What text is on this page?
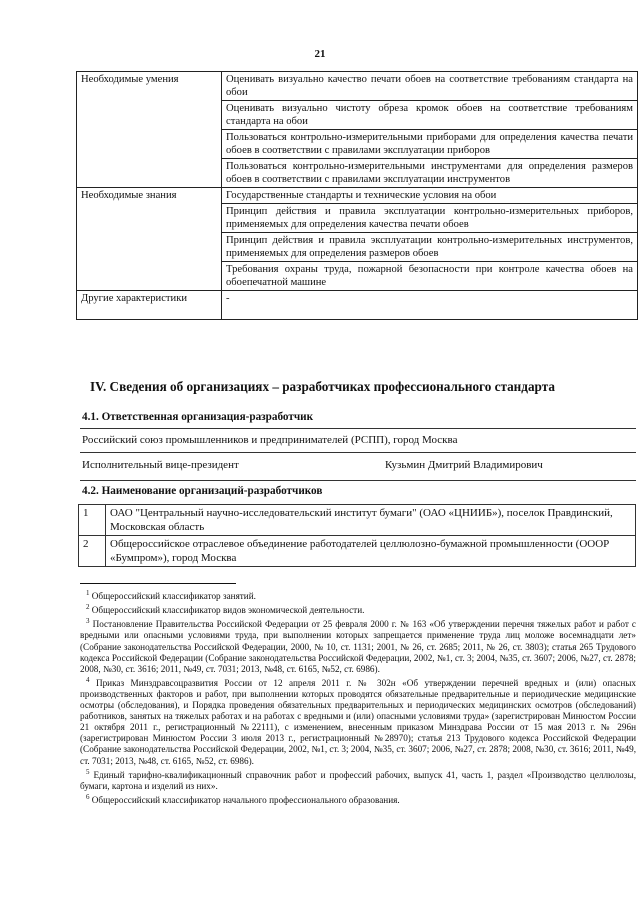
21
Необходимые умения	Оценивать визуально качество печати обоев на соответствие требованиям стандарта на обои
	Оценивать визуально чистоту обреза кромок обоев на соответствие требованиям стандарта на обои
	Пользоваться контрольно-измерительными приборами для определения качества печати обоев в соответствии с правилами эксплуатации приборов
	Пользоваться контрольно-измерительными инструментами для определения размеров обоев в соответствии с правилами эксплуатации инструментов
Необходимые знания	Государственные стандарты и технические условия на обои
	Принцип действия и правила эксплуатации контрольно-измерительных приборов, применяемых для определения качества печати обоев
	Принцип действия и правила эксплуатации контрольно-измерительных инструментов, применяемых для определения размеров обоев
	Требования охраны труда, пожарной безопасности при контроле качества обоев на обоепечатной машине
Другие характеристики	-
IV. Сведения об организациях – разработчиках профессионального стандарта
4.1. Ответственная организация-разработчик
Российский союз промышленников и предпринимателей (РСПП), город Москва
Исполнительный вице-президент	Кузьмин Дмитрий Владимирович
4.2. Наименование организаций-разработчиков
1	ОАО "Центральный научно-исследовательский институт бумаги" (ОАО «ЦНИИБ»), поселок Правдинский, Московская область
2	Общероссийское отраслевое объединение работодателей целлюлозно-бумажной промышленности (ОООР «Бумпром»), город Москва

$^1$ Общероссийский классификатор занятий.

$^2$ Общероссийский классификатор видов экономической деятельности.

$^3$ Постановление Правительства Российской Федерации от 25 февраля 2000 г. № 163 «Об утверждении перечня тяжелых работ и работ с вредными или опасными условиями труда, при выполнении которых запрещается применение труда лиц моложе восемнадцати лет» (Собрание законодательства Российской Федерации, 2000, № 10, ст. 1131; 2001, № 26, ст. 2685; 2011, № 26, ст. 3803); статья 265 Трудового кодекса Российской Федерации (Собрание законодательства Российской Федерации, 2002, №1, ст. 3; 2004, №35, ст. 3607; 2006, №27, ст. 2878; 2008, №30, ст. 3616; 2011, №49, ст. 7031; 2013, №48, ст. 6165, №52, ст. 6986).

$^4$ Приказ Минздравсоцразвития России от 12 апреля 2011 г. № 302н «Об утверждении перечней вредных и (или) опасных производственных факторов и работ, при выполнении которых проводятся обязательные предварительные и периодические медицинские осмотры (обследования), и Порядка проведения обязательных предварительных и периодических медицинских осмотров (обследований) работников, занятых на тяжелых работах и на работах с вредными и (или) опасными условиями труда» (зарегистрирован Минюстом России 21 октября 2011 г., регистрационный №22111), с изменением, внесенным приказом Минздрава России от 15 мая 2013 г. № 296н (зарегистрирован Минюстом России 3 июля 2013 г., регистрационный №28970); статья 213 Трудового кодекса Российской Федерации (Собрание законодательства Российской Федерации, 2002, №1, ст. 3; 2004, №35, ст. 3607; 2006, №27, ст. 2878; 2008, №30, ст. 3616; 2011, №49, ст. 7031; 2013, №48, ст. 6165, №52, ст. 6986).

$^5$ Единый тарифно-квалификационный справочник работ и профессий рабочих, выпуск 41, часть 1, раздел «Производство целлюлозы, бумаги, картона и изделий из них».

$^6$ Общероссийский классификатор начального профессионального образования.
